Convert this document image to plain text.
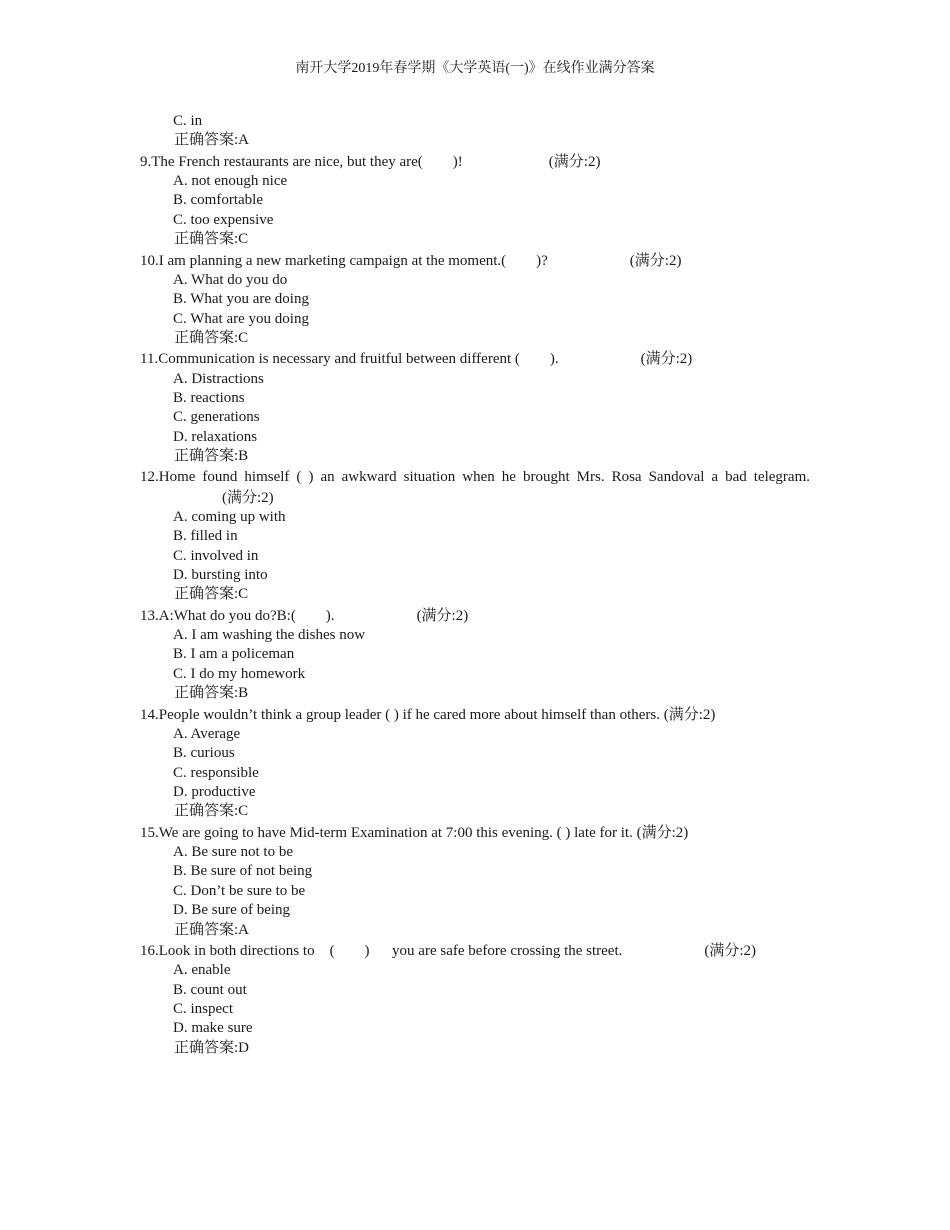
南开大学2019年春学期《大学英语(一)》在线作业满分答案
C. in
正确答案:A
9.The French restaurants are nice, but they are(        )!	(满分:2)
A. not enough nice
B. comfortable
C. too expensive
正确答案:C
10.I am planning a new marketing campaign at the moment.(        )?	(满分:2)
A. What do you do
B. What you are doing
C. What are you doing
正确答案:C
11.Communication is necessary and fruitful between different (        ).	(满分:2)
A. Distractions
B. reactions
C. generations
D. relaxations
正确答案:B
12.Home found himself ( ) an awkward situation when he brought Mrs. Rosa Sandoval a bad telegram.(满分:2)
A. coming up with
B. filled in
C. involved in
D. bursting into
正确答案:C
13.A:What do you do?B:(        ).	(满分:2)
A. I am washing the dishes now
B. I am a policeman
C. I do my homework
正确答案:B
14.People wouldn’t think a group leader ( ) if he cared more about himself than others. (满分:2)
A. Average
B. curious
C. responsible
D. productive
正确答案:C
15.We are going to have Mid-term Examination at 7:00 this evening. ( ) late for it. (满分:2)
A. Be sure not to be
B. Be sure of not being
C. Don’t be sure to be
D. Be sure of being
正确答案:A
16.Look in both directions to    (        )      you are safe before crossing the street.	(满分:2)
A. enable
B. count out
C. inspect
D. make sure
正确答案:D
